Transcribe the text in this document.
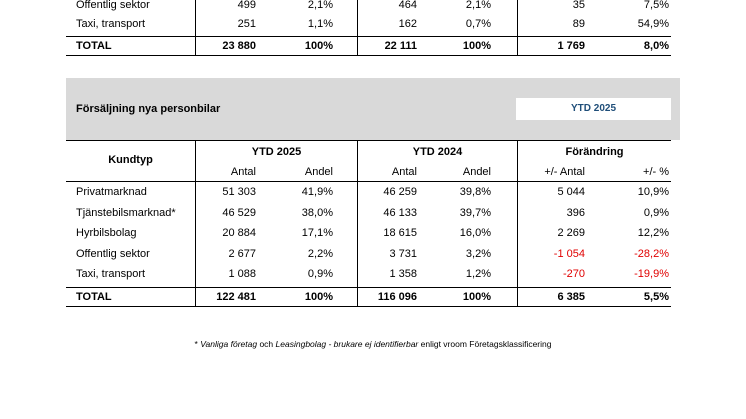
Offentlig sektor	499	2,1%	464	2,1%	35	7,5%
Taxi, transport	251	1,1%	162	0,7%	89	54,9%
TOTAL	23 880	100%	22 111	100%	1 769	8,0%
Försäljning nya personbilar	YTD 2025
Kundtyp
YTD 2025	YTD 2024	Förändring
Antal	Andel	Antal	Andel	+/- Antal	+/- %
Privatmarknad	51 303	41,9%	46 259	39,8%	5 044	10,9%
Tjänstebilsmarknad*	46 529	38,0%	46 133	39,7%	396	0,9%
Hyrbilsbolag	20 884	17,1%	18 615	16,0%	2 269	12,2%
Offentlig sektor	2 677	2,2%	3 731	3,2%	-1 054	-28,2%
Taxi, transport	1 088	0,9%	1 358	1,2%	-270	-19,9%
TOTAL	122 481	100%	116 096	100%	6 385	5,5%
* Vanliga företag och Leasingbolag - brukare ej identifierbar enligt vroom Företagsklassificering
